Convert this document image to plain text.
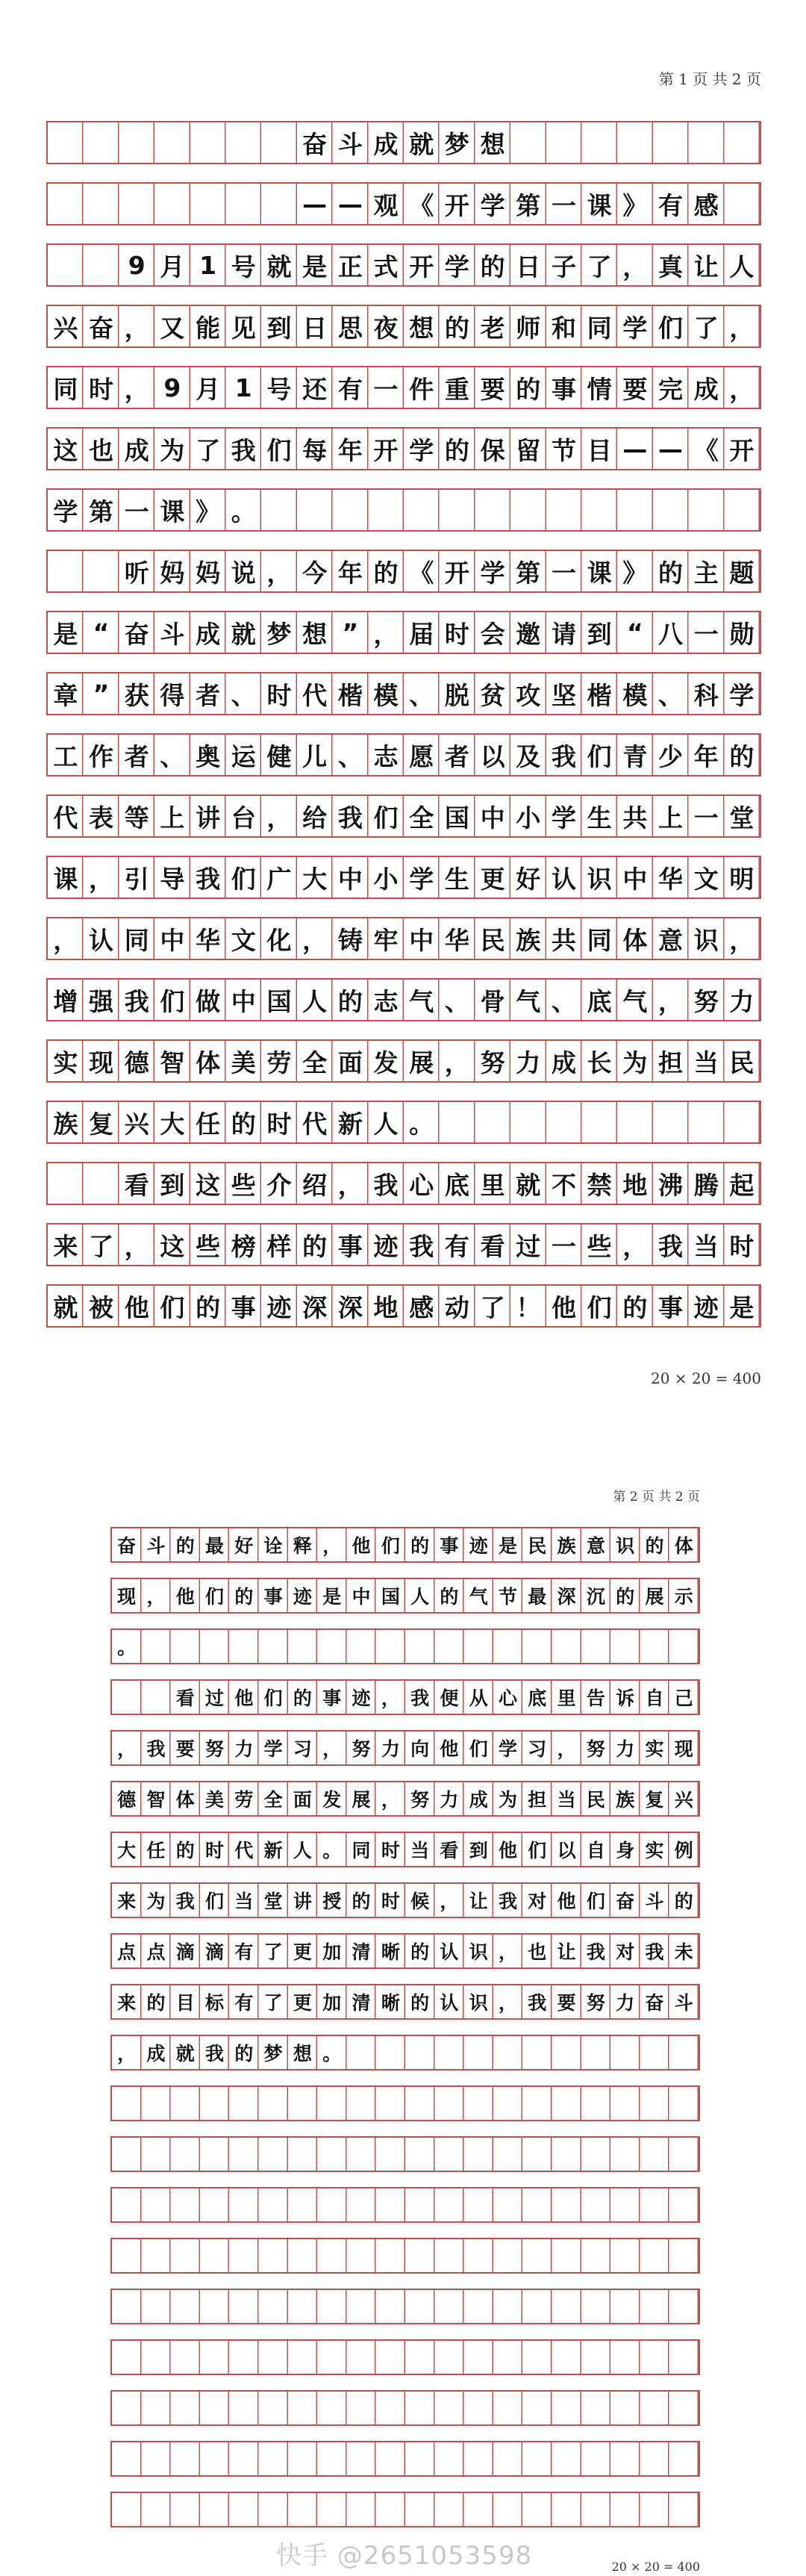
第 1 页 共 2 页
奋 斗 成 就 梦 想
— — 观 《 开 学 第 一 课 》 有 感
9 月 1 号 就 是 正 式 开 学 的 日 子 了 ， 真 让 人
兴 奋 ， 又 能 见 到 日 思 夜 想 的 老 师 和 同 学 们 了 ，
同 时 ， 9 月 1 号 还 有 一 件 重 要 的 事 情 要 完 成 ，
这 也 成 为 了 我 们 每 年 开 学 的 保 留 节 目 — — 《 开
学 第 一 课 》 。
听 妈 妈 说 ， 今 年 的 《 开 学 第 一 课 》 的 主 题
是 “ 奋 斗 成 就 梦 想 ” ， 届 时 会 邀 请 到 “ 八 一 勋
章 ” 获 得 者 、 时 代 楷 模 、 脱 贫 攻 坚 楷 模 、 科 学
工 作 者 、 奥 运 健 儿 、 志 愿 者 以 及 我 们 青 少 年 的
代 表 等 上 讲 台 ， 给 我 们 全 国 中 小 学 生 共 上 一 堂
课 ， 引 导 我 们 广 大 中 小 学 生 更 好 认 识 中 华 文 明
， 认 同 中 华 文 化 ， 铸 牢 中 华 民 族 共 同 体 意 识 ，
增 强 我 们 做 中 国 人 的 志 气 、 骨 气 、 底 气 ， 努 力
实 现 德 智 体 美 劳 全 面 发 展 ， 努 力 成 长 为 担 当 民
族 复 兴 大 任 的 时 代 新 人 。
看 到 这 些 介 绍 ， 我 心 底 里 就 不 禁 地 沸 腾 起
来 了 ， 这 些 榜 样 的 事 迹 我 有 看 过 一 些 ， 我 当 时
就 被 他 们 的 事 迹 深 深 地 感 动 了 ！ 他 们 的 事 迹 是
20 × 20 = 400
第 2 页 共 2 页
奋 斗 的 最 好 诠 释 ， 他 们 的 事 迹 是 民 族 意 识 的 体
现 ， 他 们 的 事 迹 是 中 国 人 的 气 节 最 深 沉 的 展 示
。
看 过 他 们 的 事 迹 ， 我 便 从 心 底 里 告 诉 自 己
， 我 要 努 力 学 习 ， 努 力 向 他 们 学 习 ， 努 力 实 现
德 智 体 美 劳 全 面 发 展 ， 努 力 成 为 担 当 民 族 复 兴
大 任 的 时 代 新 人 。 同 时 当 看 到 他 们 以 自 身 实 例
来 为 我 们 当 堂 讲 授 的 时 候 ， 让 我 对 他 们 奋 斗 的
点 点 滴 滴 有 了 更 加 清 晰 的 认 识 ， 也 让 我 对 我 未
来 的 目 标 有 了 更 加 清 晰 的 认 识 ， 我 要 努 力 奋 斗
， 成 就 我 的 梦 想 。
20 × 20 = 400
快手 @2651053598
